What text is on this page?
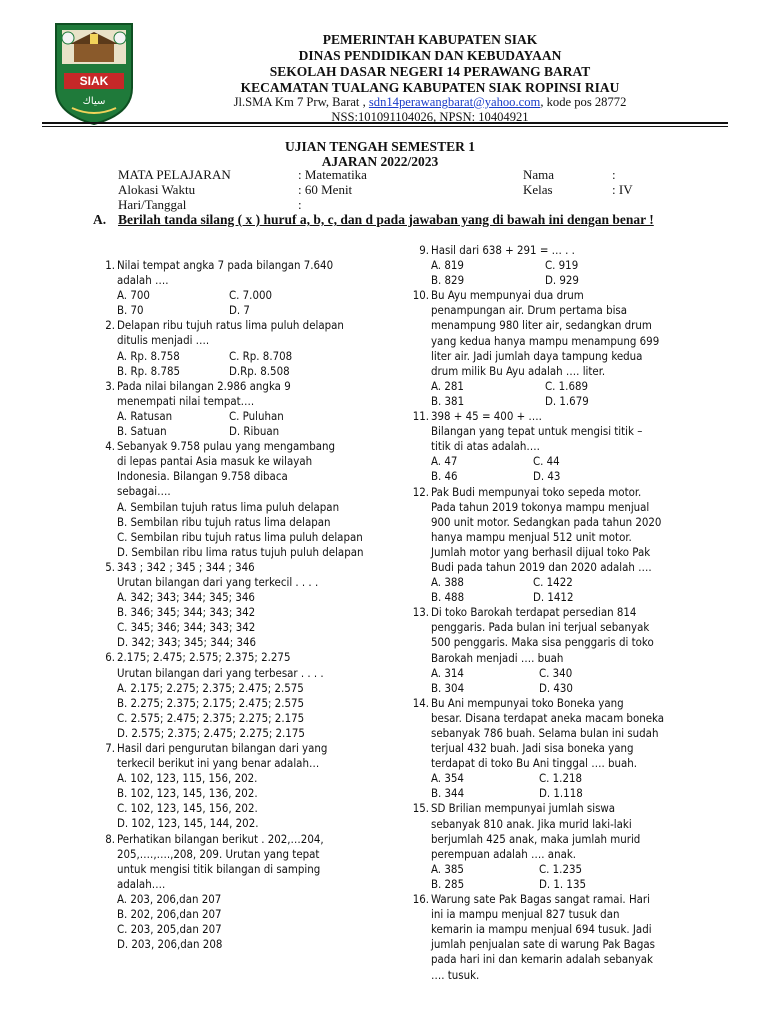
SIAK
سياك
PEMERINTAH KABUPATEN SIAK
DINAS PENDIDIKAN DAN KEBUDAYAAN
SEKOLAH DASAR NEGERI 14 PERAWANG BARAT
KECAMATAN TUALANG KABUPATEN SIAK ROPINSI RIAU
Jl.SMA Km 7 Prw, Barat , sdn14perawangbarat@yahoo.com, kode pos 28772
NSS:101091104026, NPSN: 10404921
UJIAN TENGAH SEMESTER 1
AJARAN 2022/2023
MATA PELAJARAN	: Matematika
Alokasi Waktu	: 60 Menit
Hari/Tanggal	:
Nama	:
Kelas	: IV
A. Berilah tanda silang ( x ) huruf a, b, c, dan d pada jawaban yang di bawah ini dengan benar !
1. Nilai tempat angka 7 pada bilangan 7.640
adalah ….
A. 700	C. 7.000
B. 70	D. 7
2. Delapan ribu tujuh ratus lima puluh delapan
ditulis menjadi ….
A. Rp. 8.758	C. Rp. 8.708
B. Rp. 8.785	D.Rp. 8.508
3. Pada nilai bilangan 2.986 angka 9
menempati nilai tempat….
A. Ratusan	C. Puluhan
B. Satuan	D. Ribuan
4. Sebanyak 9.758 pulau yang mengambang
di lepas pantai Asia masuk ke wilayah
Indonesia. Bilangan 9.758 dibaca
sebagai….
A. Sembilan tujuh ratus lima puluh delapan
B. Sembilan ribu tujuh ratus lima delapan
C. Sembilan ribu tujuh ratus lima puluh delapan
D. Sembilan ribu lima ratus tujuh puluh delapan
5. 343 ; 342 ; 345 ; 344 ; 346
Urutan bilangan dari yang terkecil . . . .
A. 342; 343; 344; 345; 346
B. 346; 345; 344; 343; 342
C. 345; 346; 344; 343; 342
D. 342; 343; 345; 344; 346
6. 2.175; 2.475; 2.575; 2.375; 2.275
Urutan bilangan dari yang terbesar . . . .
A. 2.175; 2.275; 2.375; 2.475; 2.575
B. 2.275; 2.375; 2.175; 2.475; 2.575
C. 2.575; 2.475; 2.375; 2.275; 2.175
D. 2.575; 2.375; 2.475; 2.275; 2.175
7. Hasil dari pengurutan bilangan dari yang
terkecil berikut ini yang benar adalah…
A. 102, 123, 115, 156, 202.
B. 102, 123, 145, 136, 202.
C. 102, 123, 145, 156, 202.
D. 102, 123, 145, 144, 202.
8. Perhatikan bilangan berikut . 202,…204,
205,….,….,208, 209. Urutan yang tepat
untuk mengisi titik bilangan di samping
adalah….
A. 203, 206,dan 207
B. 202, 206,dan 207
C. 203, 205,dan 207
D. 203, 206,dan 208
9. Hasil dari 638 + 291 = … . .
A. 819	C. 919
B. 829	D. 929
10. Bu Ayu mempunyai dua drum
penampungan air. Drum pertama bisa
menampung 980 liter air, sedangkan drum
yang kedua hanya mampu menampung 699
liter air. Jadi jumlah daya tampung kedua
drum milik Bu Ayu adalah …. liter.
A. 281	C. 1.689
B. 381	D. 1.679
11. 398 + 45 = 400 + ….
Bilangan yang tepat untuk mengisi titik –
titik di atas adalah….
A. 47	C. 44
B. 46	D. 43
12. Pak Budi mempunyai toko sepeda motor.
Pada tahun 2019 tokonya mampu menjual
900 unit motor. Sedangkan pada tahun 2020
hanya mampu menjual 512 unit motor.
Jumlah motor yang berhasil dijual toko Pak
Budi pada tahun 2019 dan 2020 adalah ….
A. 388	C. 1422
B. 488	D. 1412
13. Di toko Barokah terdapat persedian 814
penggaris. Pada bulan ini terjual sebanyak
500 penggaris. Maka sisa penggaris di toko
Barokah menjadi …. buah
A. 314	C. 340
B. 304	D. 430
14. Bu Ani mempunyai toko Boneka yang
besar. Disana terdapat aneka macam boneka
sebanyak 786 buah. Selama bulan ini sudah
terjual 432 buah. Jadi sisa boneka yang
terdapat di toko Bu Ani tinggal …. buah.
A. 354	C. 1.218
B. 344	D. 1.118
15. SD Brilian mempunyai jumlah siswa
sebanyak 810 anak. Jika murid laki-laki
berjumlah 425 anak, maka jumlah murid
perempuan adalah …. anak.
A. 385	C. 1.235
B. 285	D. 1. 135
16. Warung sate Pak Bagas sangat ramai. Hari
ini ia mampu menjual 827 tusuk dan
kemarin ia mampu menjual 694 tusuk. Jadi
jumlah penjualan sate di warung Pak Bagas
pada hari ini dan kemarin adalah sebanyak
…. tusuk.
